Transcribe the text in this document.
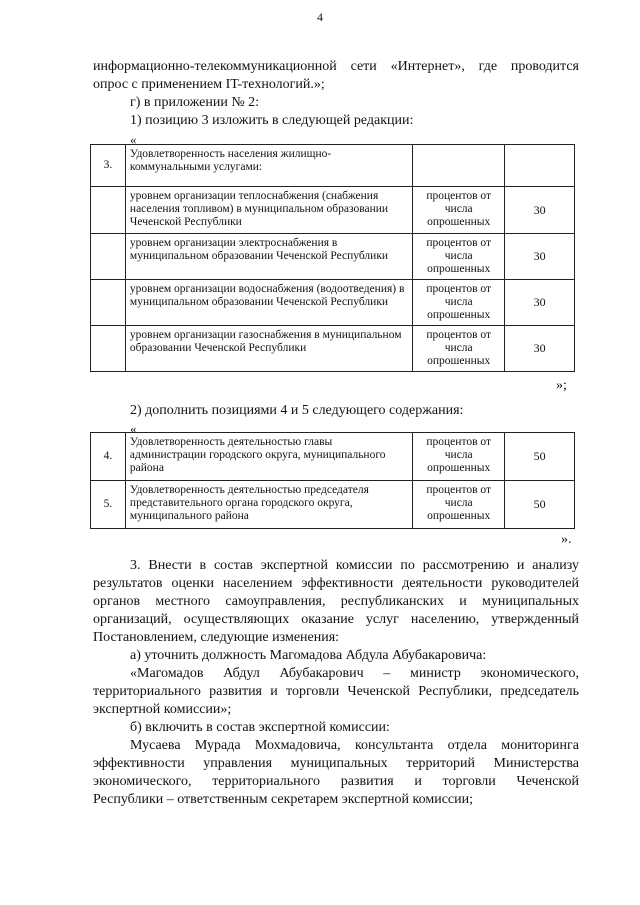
4
информационно-телекоммуникационной сети «Интернет», где проводится
опрос с применением IT-технологий.»;
г) в приложении № 2:
1) позицию 3 изложить в следующей редакции:
«
3.	Удовлетворенность населения жилищно-коммунальными услугами:		
	уровнем организации теплоснабжения (снабжения населения топливом) в муниципальном образовании Чеченской Республики	процентов от числа опрошенных	30
	уровнем организации электроснабжения в муниципальном образовании Чеченской Республики	процентов от числа опрошенных	30
	уровнем организации водоснабжения (водоотведения) в муниципальном образовании Чеченской Республики	процентов от числа опрошенных	30
	уровнем организации газоснабжения в муниципальном образовании Чеченской Республики	процентов от числа опрошенных	30
»;
2) дополнить позициями 4 и 5 следующего содержания:
«
4.	Удовлетворенность деятельностью главы администрации городского округа, муниципального района	процентов от числа опрошенных	50
5.	Удовлетворенность деятельностью председателя представительного органа городского округа, муниципального района	процентов от числа опрошенных	50
».
3. Внести в состав экспертной комиссии по рассмотрению и анализу
результатов оценки населением эффективности деятельности руководителей
органов местного самоуправления, республиканских и муниципальных
организаций, осуществляющих оказание услуг населению, утвержденный
Постановлением, следующие изменения:
а) уточнить должность Магомадова Абдула Абубакаровича:
«Магомадов Абдул Абубакарович – министр экономического,
территориального развития и торговли Чеченской Республики, председатель
экспертной комиссии»;
б) включить в состав экспертной комиссии:
Мусаева Мурада Мохмадовича, консультанта отдела мониторинга
эффективности управления муниципальных территорий Министерства
экономического, территориального развития и торговли Чеченской
Республики – ответственным секретарем экспертной комиссии;
